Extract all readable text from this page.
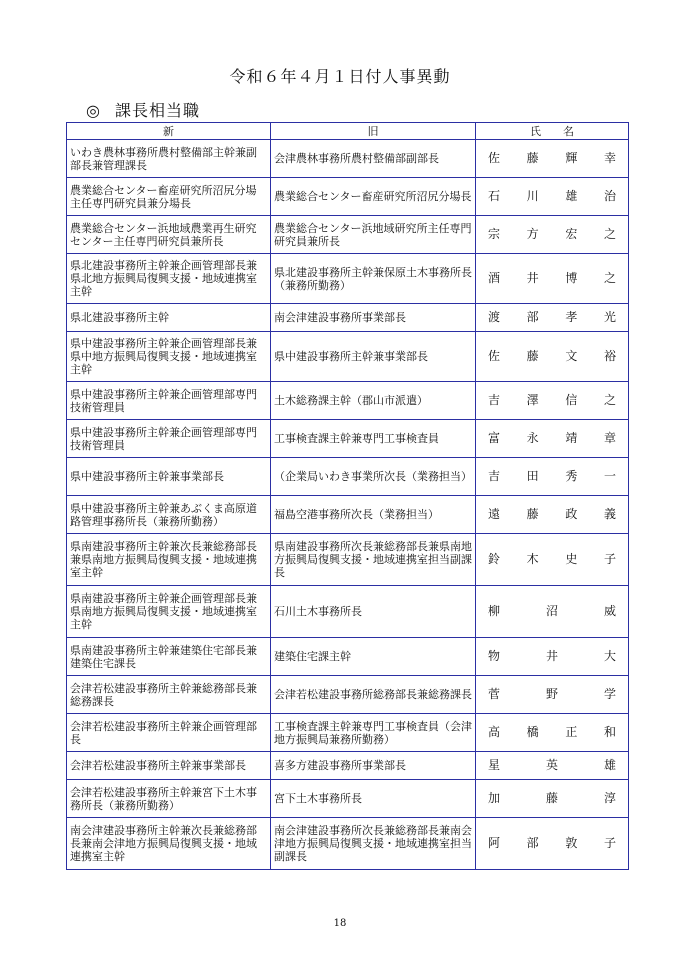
令和６年４月１日付人事異動
◎ 課長相当職
新	旧	氏 名

いわき農林事務所農村整備部主幹兼副部長兼管理課長	会津農林事務所農村整備部副部長	佐 藤 輝 幸

農業総合センター畜産研究所沼尻分場主任専門研究員兼分場長	農業総合センター畜産研究所沼尻分場長	石 川 雄 治

農業総合センター浜地域農業再生研究センター主任専門研究員兼所長	農業総合センター浜地域研究所主任専門研究員兼所長	宗 方 宏 之

県北建設事務所主幹兼企画管理部長兼県北地方振興局復興支援・地域連携室主幹	県北建設事務所主幹兼保原土木事務所長（兼務所勤務）	酒 井 博 之

県北建設事務所主幹	南会津建設事務所事業部長	渡 部 孝 光

県中建設事務所主幹兼企画管理部長兼県中地方振興局復興支援・地域連携室主幹	県中建設事務所主幹兼事業部長	佐 藤 文 裕

県中建設事務所主幹兼企画管理部専門技術管理員	土木総務課主幹（郡山市派遣）	吉 澤 信 之

県中建設事務所主幹兼企画管理部専門技術管理員	工事検査課主幹兼専門工事検査員	富 永 靖 章

県中建設事務所主幹兼事業部長	（企業局いわき事業所次長（業務担当）	吉 田 秀 一

県中建設事務所主幹兼あぶくま高原道路管理事務所長（兼務所勤務）	福島空港事務所次長（業務担当）	遠 藤 政 義

県南建設事務所主幹兼次長兼総務部長兼県南地方振興局復興支援・地域連携室主幹	県南建設事務所次長兼総務部長兼県南地方振興局復興支援・地域連携室担当副課長	鈴 木 史 子

県南建設事務所主幹兼企画管理部長兼県南地方振興局復興支援・地域連携室主幹	石川土木事務所長	柳 沼 威

県南建設事務所主幹兼建築住宅部長兼建築住宅課長	建築住宅課主幹	物 井 大

会津若松建設事務所主幹兼総務部長兼総務課長	会津若松建設事務所総務部長兼総務課長	菅 野 学

会津若松建設事務所主幹兼企画管理部長	工事検査課主幹兼専門工事検査員（会津地方振興局兼務所勤務）	高 橋 正 和

会津若松建設事務所主幹兼事業部長	喜多方建設事務所事業部長	星 英 雄

会津若松建設事務所主幹兼宮下土木事務所長（兼務所勤務）	宮下土木事務所長	加 藤 淳

南会津建設事務所主幹兼次長兼総務部長兼南会津地方振興局復興支援・地域連携室主幹	南会津建設事務所次長兼総務部長兼南会津地方振興局復興支援・地域連携室担当副課長	阿 部 敦 子
18
